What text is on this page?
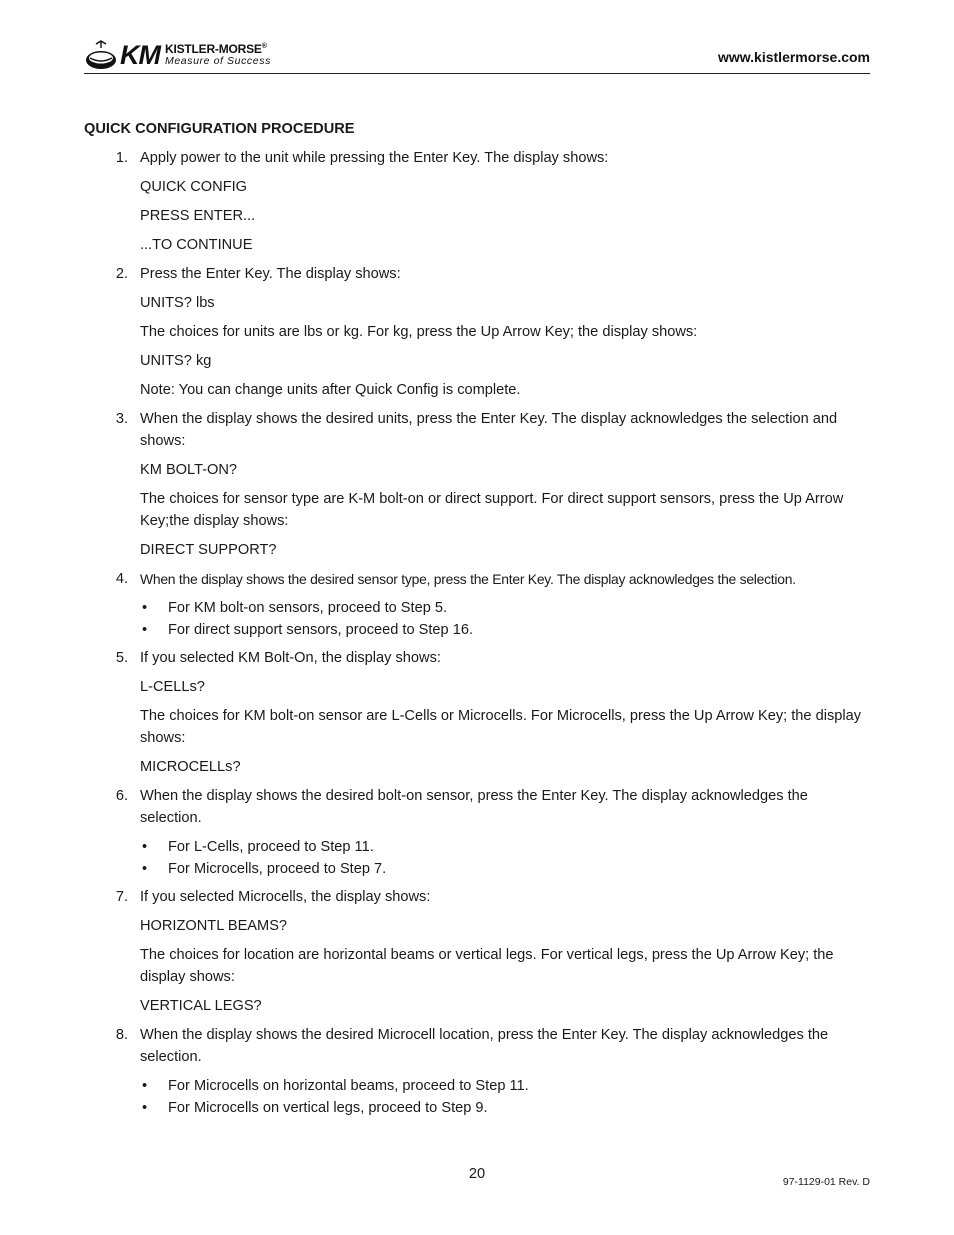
KM KISTLER-MORSE®
Measure of Success	www.kistlermorse.com
QUICK CONFIGURATION PROCEDURE
1. Apply power to the unit while pressing the Enter Key. The display shows:
QUICK CONFIG
PRESS ENTER...
...TO CONTINUE
2. Press the Enter Key. The display shows:
UNITS? lbs
The choices for units are lbs or kg. For kg, press the Up Arrow Key; the display shows:
UNITS? kg
Note: You can change units after Quick Config is complete.
3. When the display shows the desired units, press the Enter Key. The display acknowledges the selection and shows:
KM BOLT-ON?
The choices for sensor type are K-M bolt-on or direct support. For direct support sensors, press the Up Arrow Key;the display shows:
DIRECT SUPPORT?
4. When the display shows the desired sensor type, press the Enter Key. The display acknowledges the selection.
•	For KM bolt-on sensors, proceed to Step 5.
•	For direct support sensors, proceed to Step 16.
5. If you selected KM Bolt-On, the display shows:
L-CELLs?
The choices for KM bolt-on sensor are L-Cells or Microcells. For Microcells, press the Up Arrow Key; the display shows:
MICROCELLs?
6. When the display shows the desired bolt-on sensor, press the Enter Key. The display acknowledges the selection.
•	For L-Cells, proceed to Step 11.
•	For Microcells, proceed to Step 7.
7. If you selected Microcells, the display shows:
HORIZONTL BEAMS?
The choices for location are horizontal beams or vertical legs. For vertical legs, press the Up Arrow Key; the display shows:
VERTICAL LEGS?
8. When the display shows the desired Microcell location, press the Enter Key. The display acknowledges the selection.
•	For Microcells on horizontal beams, proceed to Step 11.
•	For Microcells on vertical legs, proceed to Step 9.
20	97-1129-01 Rev. D
